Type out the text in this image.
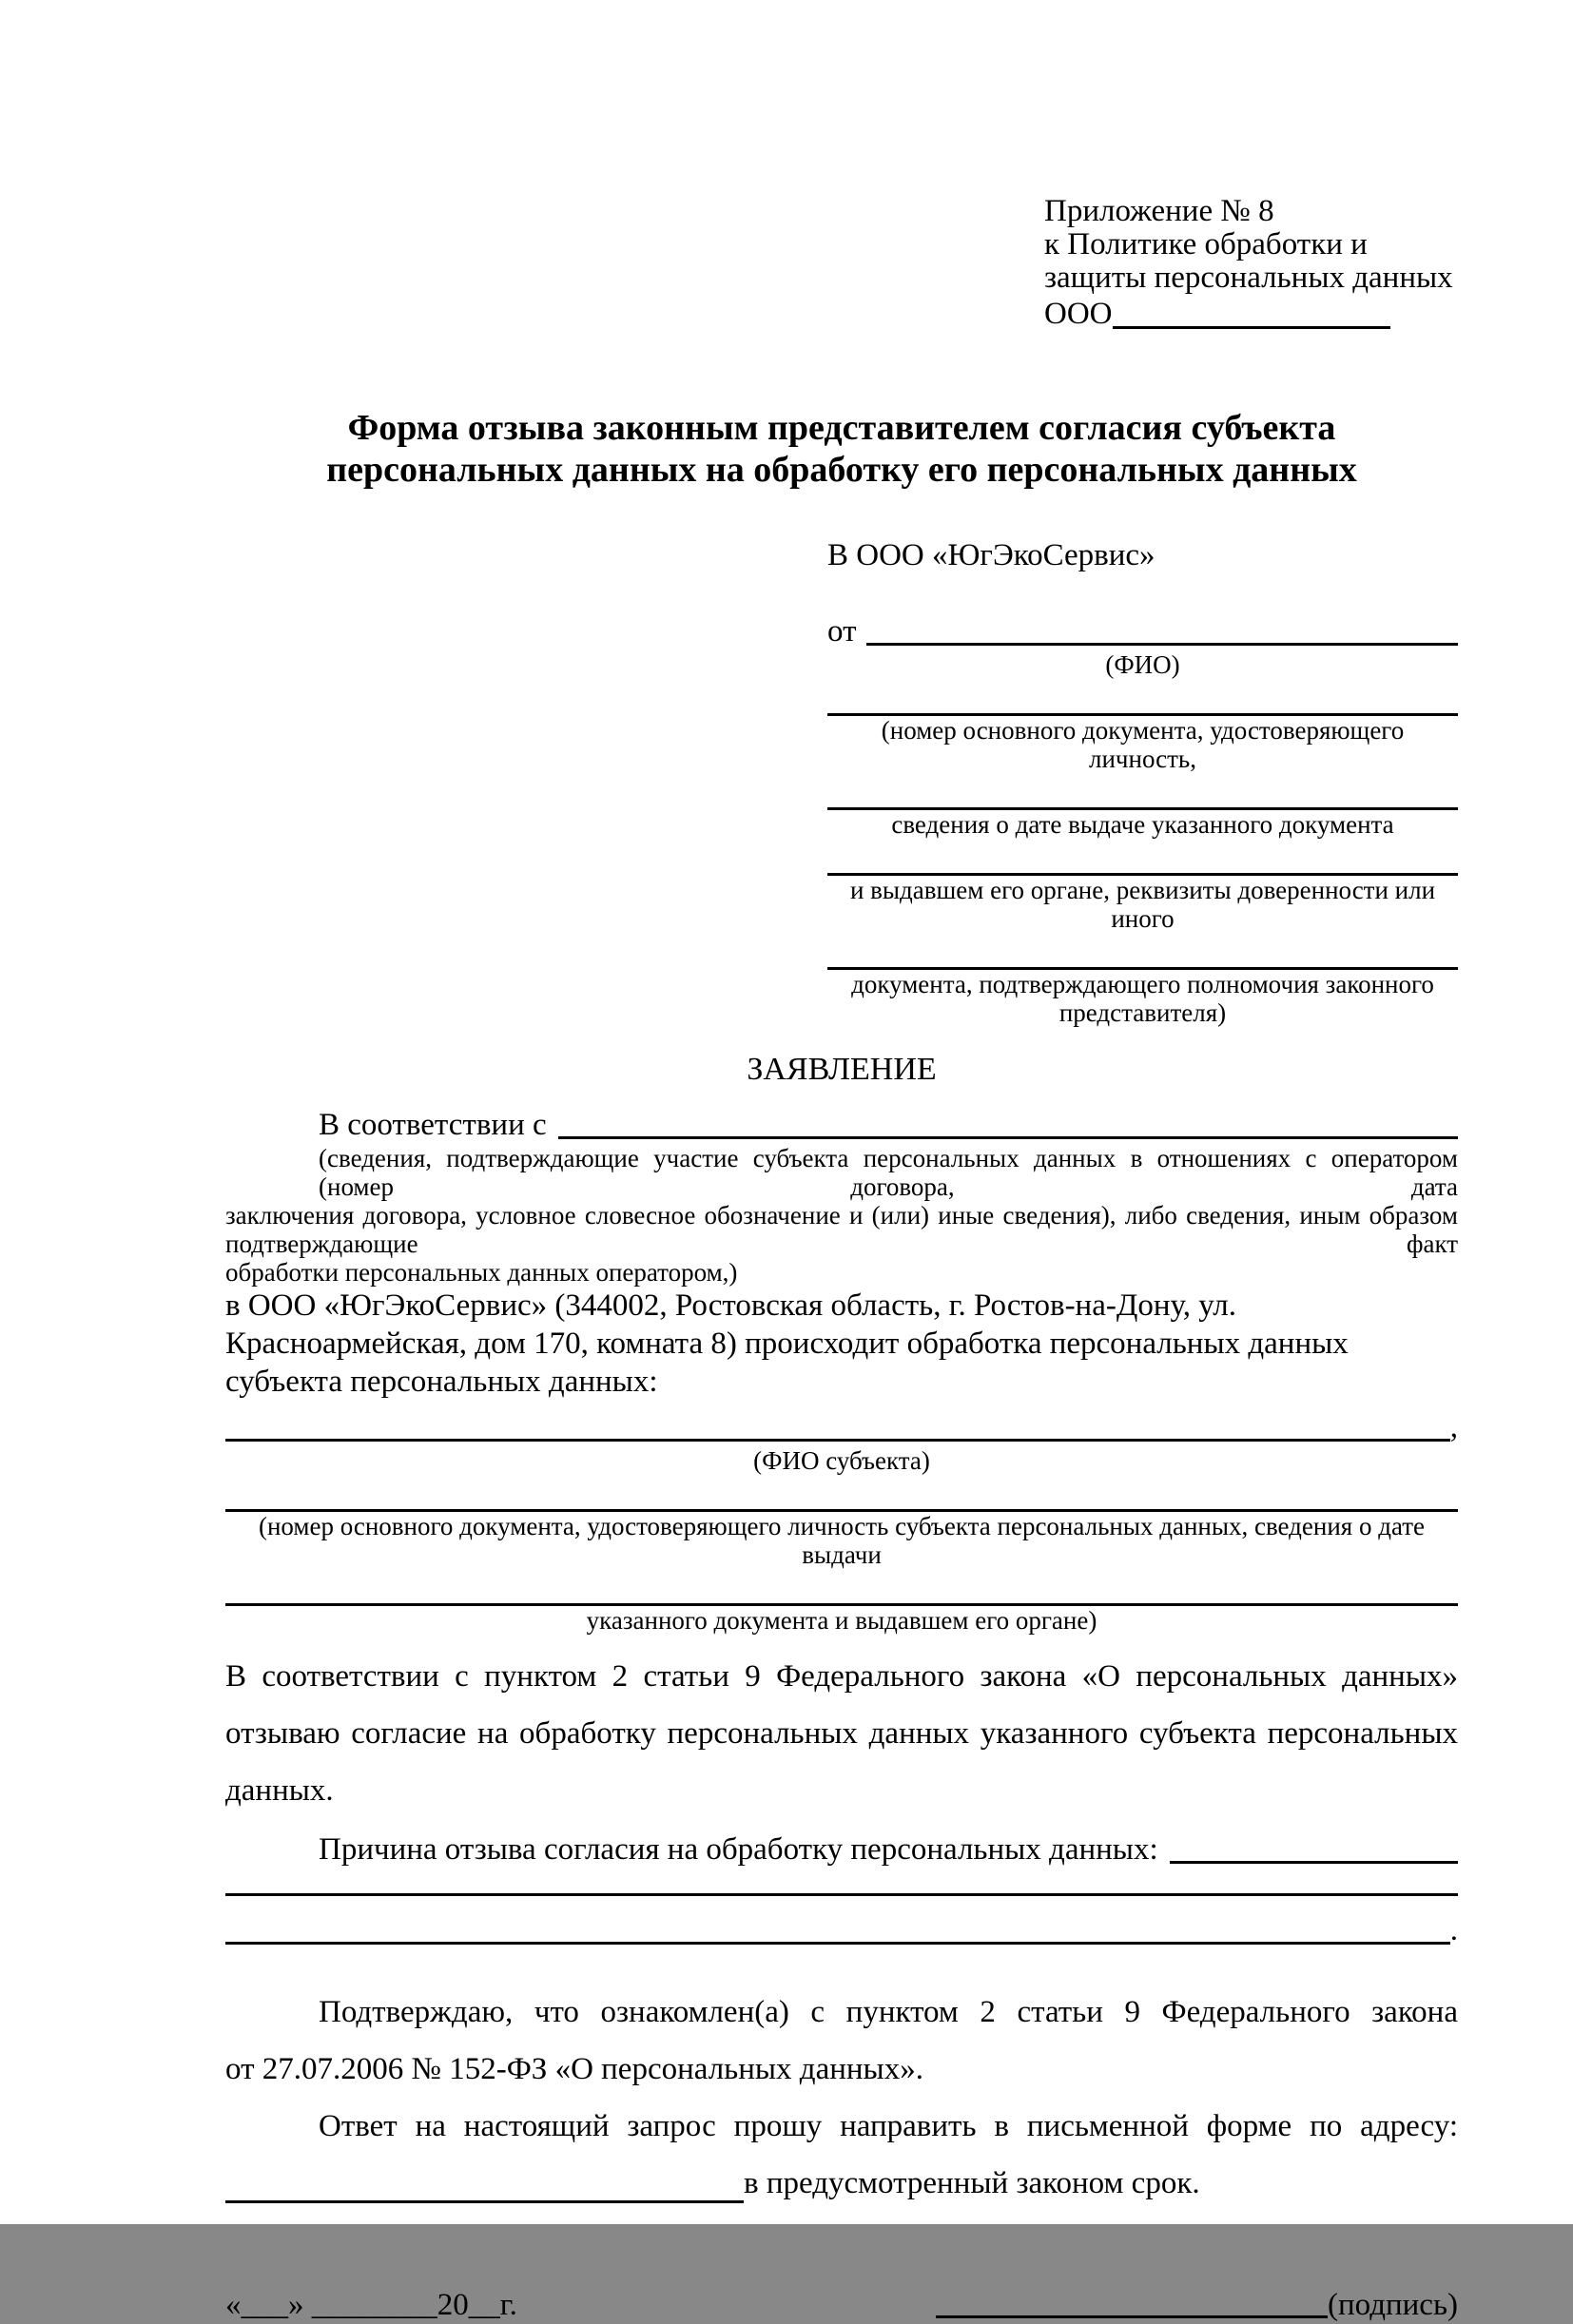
Приложение № 8
к Политике обработки и
защиты персональных данных
ООО
Форма отзыва законным представителем согласия субъекта персональных данных на обработку его персональных данных
В ООО «ЮгЭкоСервис»
от
(ФИО)
(номер основного документа, удостоверяющего личность,
сведения о дате выдаче указанного документа
и выдавшем его органе, реквизиты доверенности или иного
документа, подтверждающего полномочия законного представителя)
ЗАЯВЛЕНИЕ
В соответствии с
(сведения, подтверждающие участие субъекта персональных данных в отношениях с оператором (номер договора, дата
заключения договора, условное словесное обозначение и (или) иные сведения), либо сведения, иным образом подтверждающие факт
обработки персональных данных оператором,)
в ООО «ЮгЭкоСервис» (344002, Ростовская область, г. Ростов-на-Дону, ул.
Красноармейская, дом 170, комната 8) происходит обработка персональных данных
субъекта персональных данных:
,
(ФИО субъекта)
(номер основного документа, удостоверяющего личность субъекта персональных данных, сведения о дате выдачи
указанного документа и выдавшем его органе)
В соответствии с пунктом 2 статьи 9 Федерального закона «О персональных данных»
отзываю согласие на обработку персональных данных указанного субъекта персональных
данных.
Причина отзыва согласия на обработку персональных данных:
.
Подтверждаю, что ознакомлен(а) с пунктом 2 статьи 9 Федерального закона
от 27.07.2006 № 152-ФЗ «О персональных данных».
Ответ на настоящий запрос прошу направить в письменной форме по адресу:
в предусмотренный законом срок.
«___» ________20__г.	(подпись)
